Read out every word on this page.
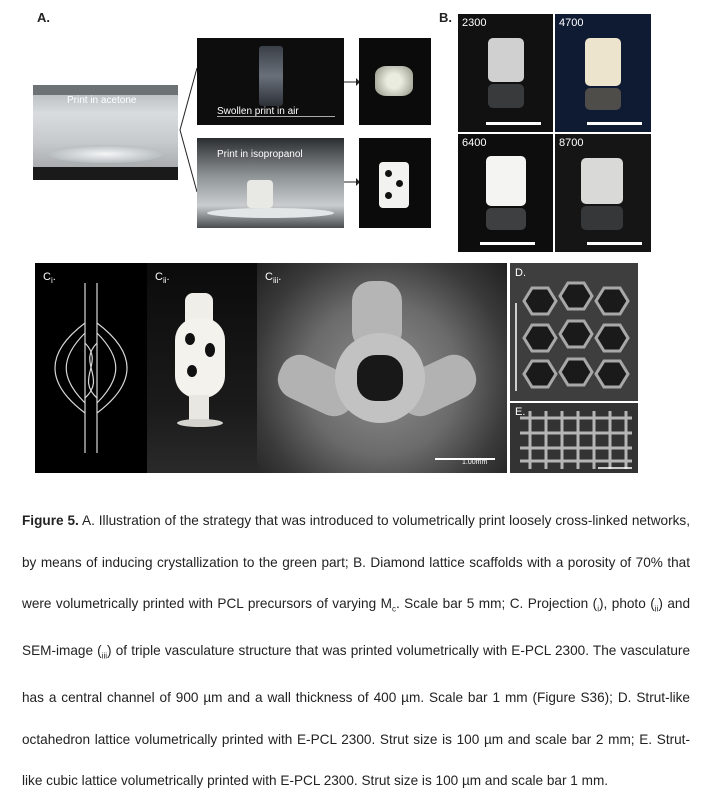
A.
Print in acetone
Swollen print in air
Print in isopropanol
B. 2300	4700
6400	8700
$C_i$.	$C_{ii}$.	$C_{iii}$.
1.00mm
D.
E.
Figure 5. A. Illustration of the strategy that was introduced to volumetrically print loosely cross-linked networks, by means of inducing crystallization to the green part; B. Diamond lattice scaffolds with a porosity of 70% that were volumetrically printed with PCL precursors of varying $M_c$. Scale bar 5 mm; C. Projection $(_i)$, photo $(_{ii})$ and SEM-image $(_{iii})$ of triple vasculature structure that was printed volumetrically with E-PCL 2300. The vasculature has a central channel of 900 µm and a wall thickness of 400 µm. Scale bar 1 mm (Figure S36); D. Strut-like octahedron lattice volumetrically printed with E-PCL 2300. Strut size is 100 µm and scale bar 2 mm; E. Strut-like cubic lattice volumetrically printed with E-PCL 2300. Strut size is 100 µm and scale bar 1 mm.
